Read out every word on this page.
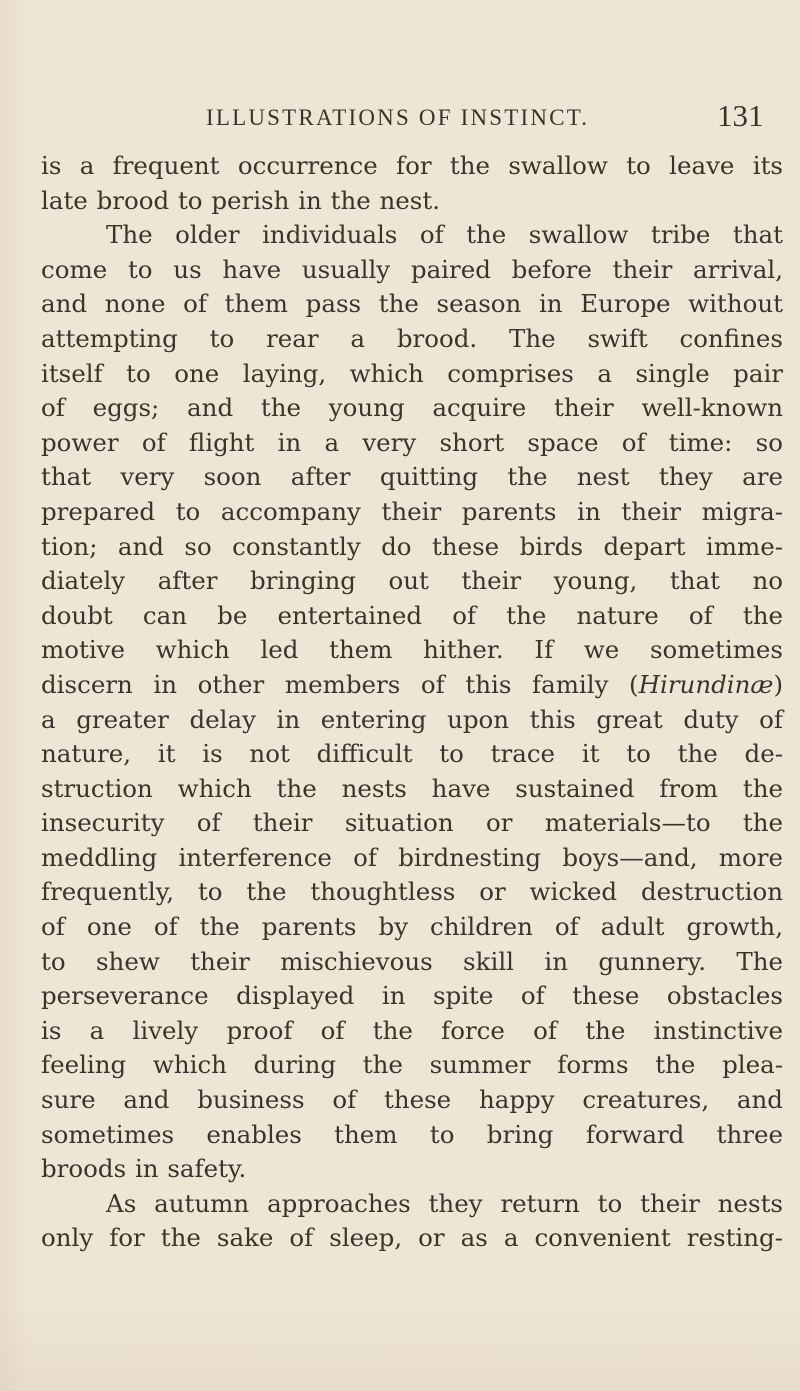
ILLUSTRATIONS OF INSTINCT.	131
is a frequent occurrence for the swallow to leave its
late brood to perish in the nest.
The older individuals of the swallow tribe that
come to us have usually paired before their arrival,
and none of them pass the season in Europe without
attempting to rear a brood. The swift confines
itself to one laying, which comprises a single pair
of eggs; and the young acquire their well-known
power of flight in a very short space of time: so
that very soon after quitting the nest they are
prepared to accompany their parents in their migra-
tion; and so constantly do these birds depart imme-
diately after bringing out their young, that no
doubt can be entertained of the nature of the
motive which led them hither. If we sometimes
discern in other members of this family (Hirundinæ)
a greater delay in entering upon this great duty of
nature, it is not difficult to trace it to the de-
struction which the nests have sustained from the
insecurity of their situation or materials—to the
meddling interference of birdnesting boys—and, more
frequently, to the thoughtless or wicked destruction
of one of the parents by children of adult growth,
to shew their mischievous skill in gunnery. The
perseverance displayed in spite of these obstacles
is a lively proof of the force of the instinctive
feeling which during the summer forms the plea-
sure and business of these happy creatures, and
sometimes enables them to bring forward three
broods in safety.
As autumn approaches they return to their nests
only for the sake of sleep, or as a convenient resting-
